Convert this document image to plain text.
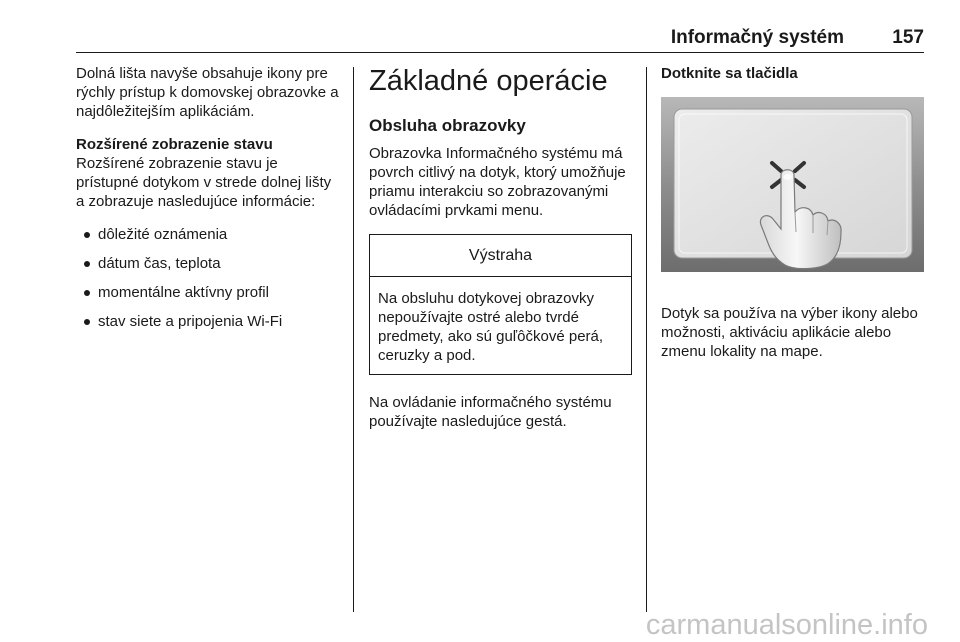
Informačný systém	157

Dolná lišta navyše obsahuje ikony pre rýchly prístup k domovskej obrazovke a najdôležitejším aplikáciám.

Rozšírené zobrazenie stavu
Rozšírené zobrazenie stavu je prístupné dotykom v strede dolnej lišty a zobrazuje nasledujúce informácie:

dôležité oznámenia
dátum čas, teplota
momentálne aktívny profil
stav siete a pripojenia Wi-Fi
Základné operácie
Obsluha obrazovky

Obrazovka Informačného systému má povrch citlivý na dotyk, ktorý umožňuje priamu interakciu so zobrazovanými ovládacími prvkami menu.

Výstraha
Na obsluhu dotykovej obrazovky nepoužívajte ostré alebo tvrdé predmety, ako sú guľôčkové perá, ceruzky a pod.

Na ovládanie informačného systému používajte nasledujúce gestá.

Dotknite sa tlačidla

Dotyk sa používa na výber ikony alebo možnosti, aktiváciu aplikácie alebo zmenu lokality na mape.

carmanualsonline.info
